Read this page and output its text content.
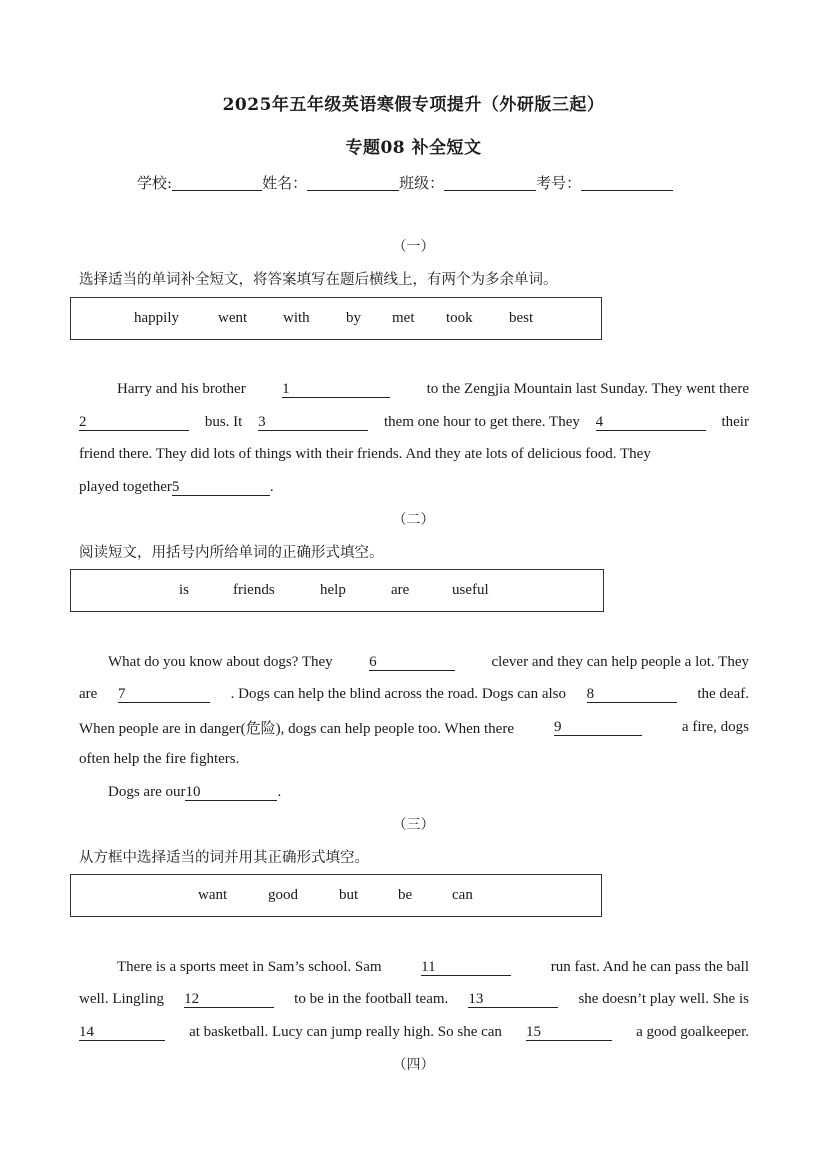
2025年五年级英语寒假专项提升（外研版三起）
专题08 补全短文
学校:	姓名：	班级：	考号：
（一）
选择适当的单词补全短文，将答案填写在题后横线上，有两个为多余单词。
happily	went with by met took best
Harry and his brother 1	to the Zengjia Mountain last Sunday. They went there
2	bus. It 3	them one hour to get there. They 4	their
friend there. They did lots of things with their friends. And they ate lots of delicious food. They
played together 5	.
（二）
阅读短文，用括号内所给单词的正确形式填空。
is	friends	help	are	useful
What do you know about dogs? They 6	clever and they can help people a lot. They
are 7	. Dogs can help the blind across the road. Dogs can also 8	the deaf.
When people are in danger(危险), dogs can help people too. When there	9	a fire, dogs
often help the fire fighters.
Dogs are our 10	.
（三）
从方框中选择适当的词并用其正确形式填空。
want	good	but	be	can
There is a sports meet in Sam’s school. Sam	11	run fast. And he can pass the ball
well. Lingling 12	to be in the football team. 13	she doesn’t play well. She is
14	at basketball. Lucy can jump really high. So she can 15	a good goalkeeper.
（四）
